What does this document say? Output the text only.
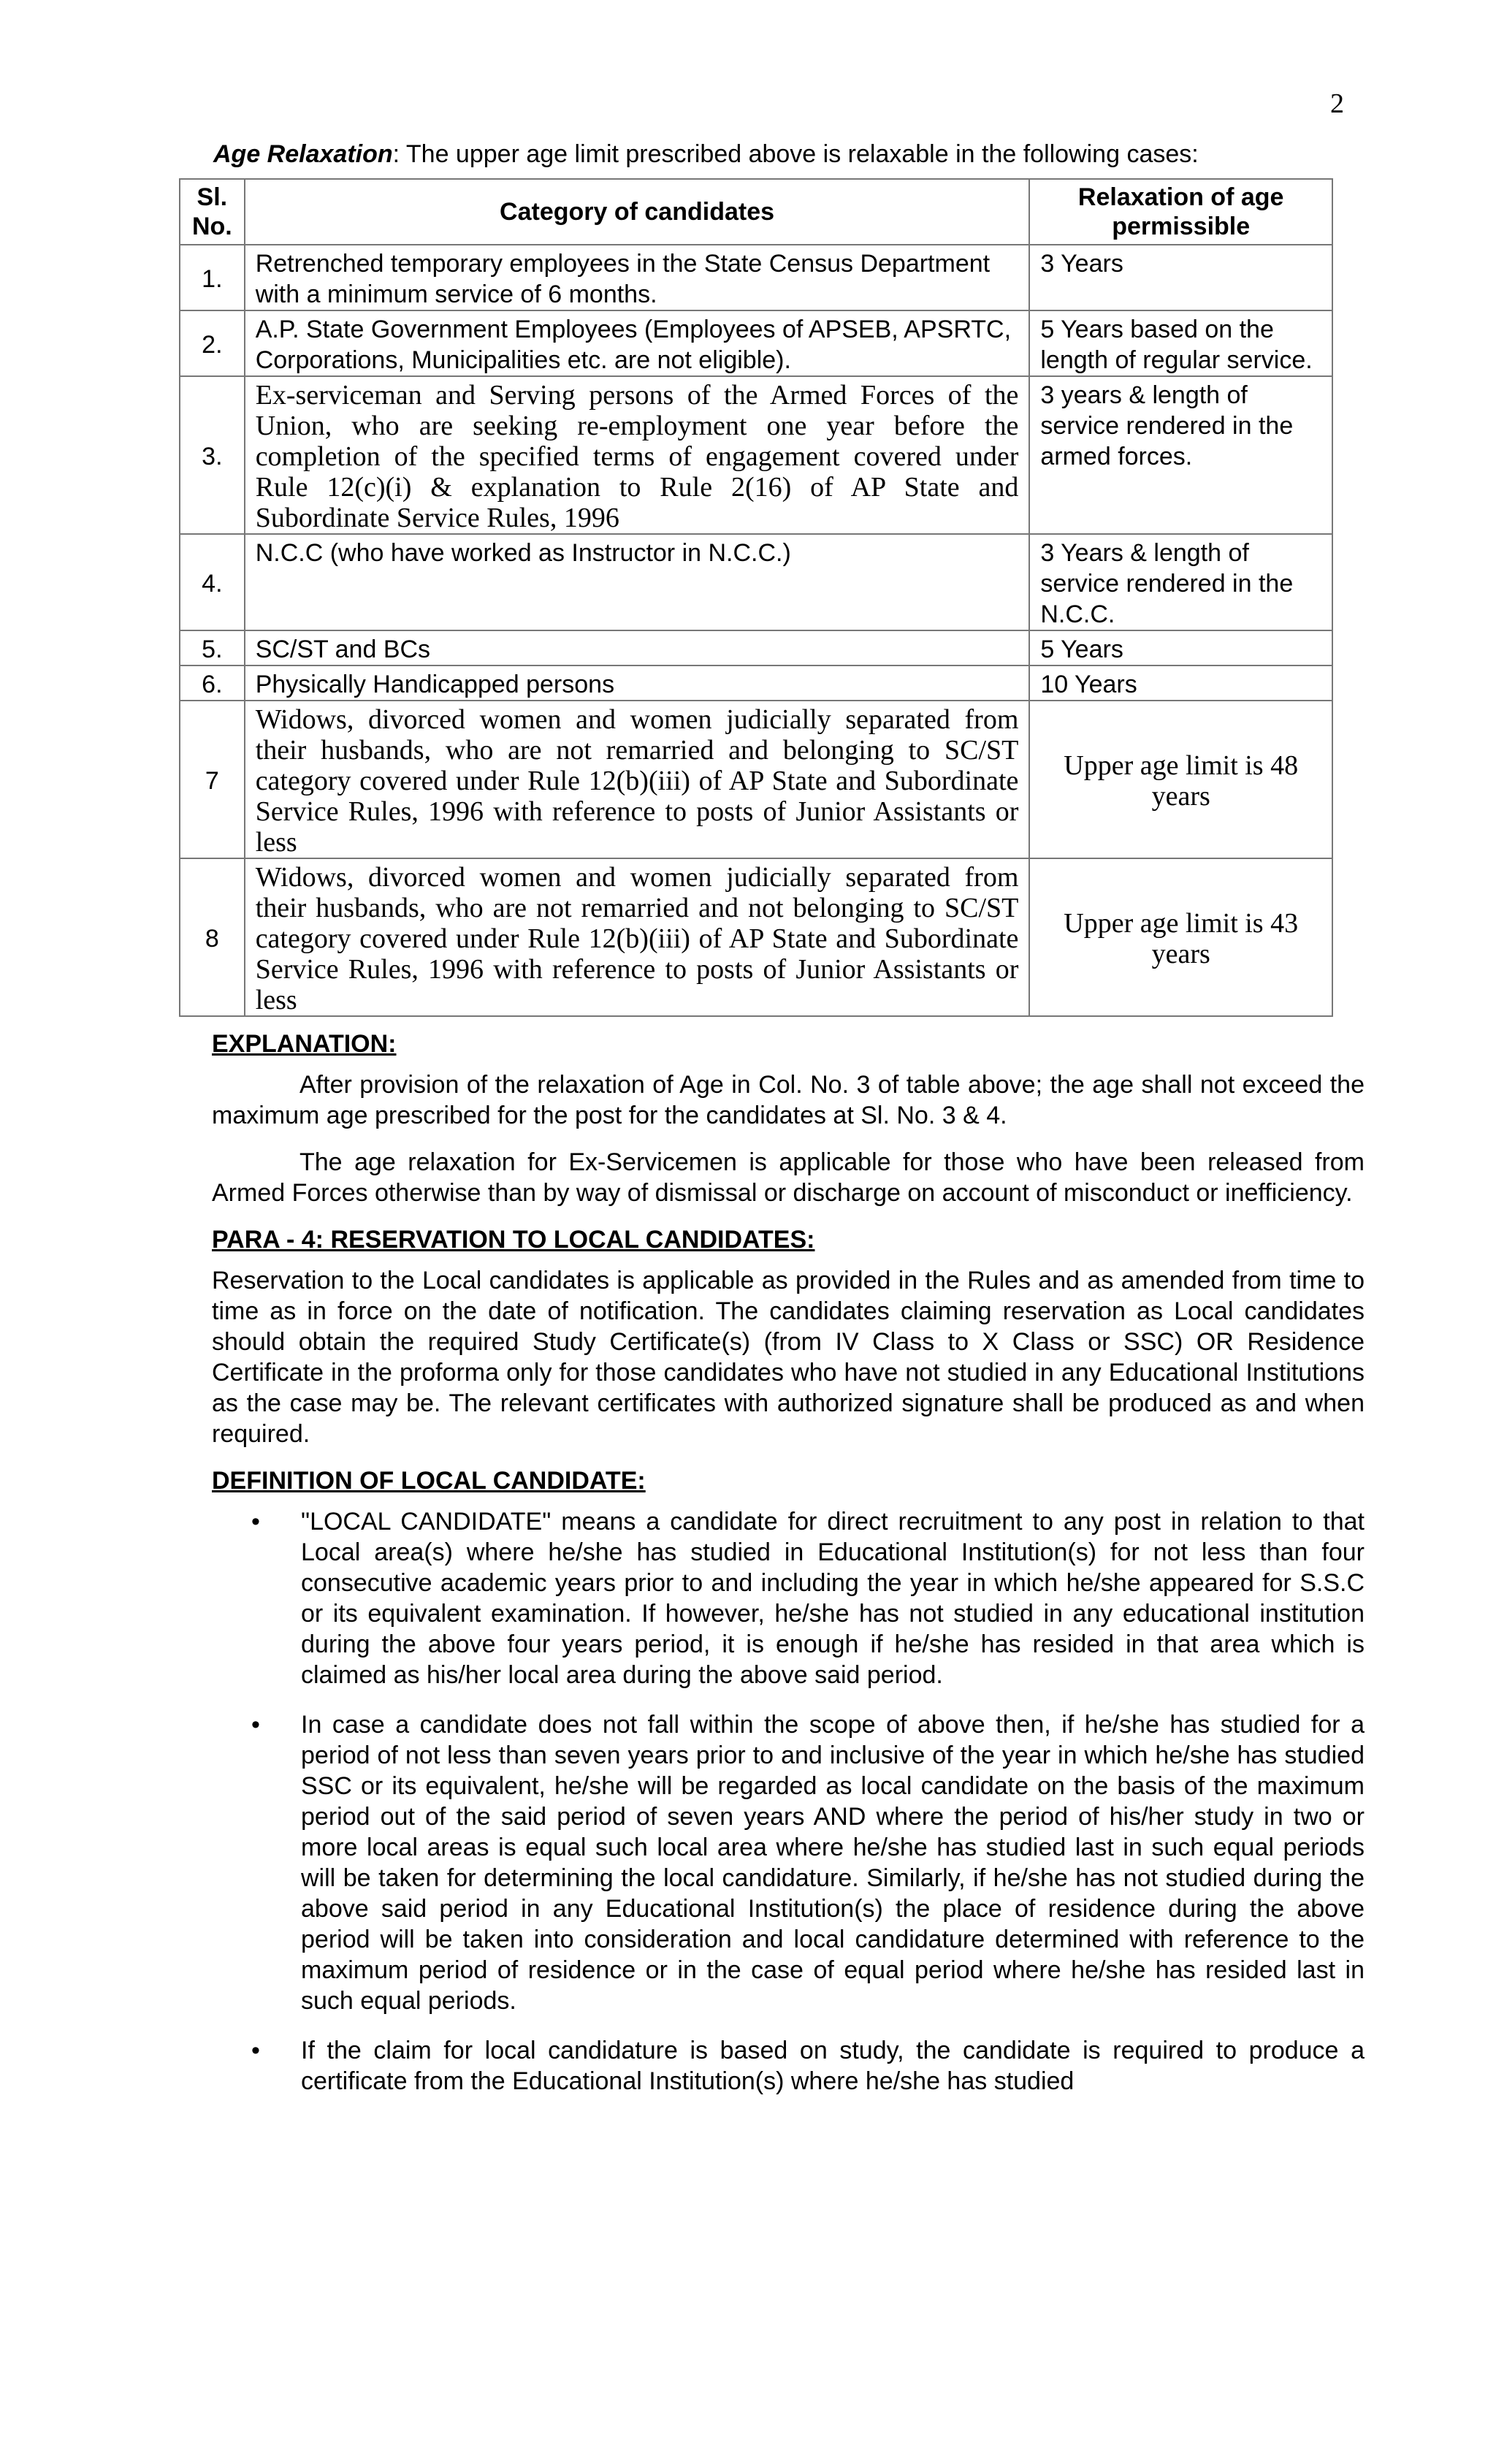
2
Age Relaxation: The upper age limit prescribed above is relaxable in the following cases:
Sl. No.	Category of candidates	Relaxation of age permissible
1.	Retrenched temporary employees in the State Census Department with a minimum service of 6 months.	3 Years
2.	A.P. State Government Employees (Employees of APSEB, APSRTC, Corporations, Municipalities etc. are not eligible).	5 Years based on the length of regular service.
3.	Ex-serviceman and Serving persons of the Armed Forces of the Union, who are seeking re-employment one year before the completion of the specified terms of engagement covered under Rule 12(c)(i) & explanation to Rule 2(16) of AP State and Subordinate Service Rules, 1996	3 years & length of service rendered in the armed forces.
4.	N.C.C (who have worked as Instructor in N.C.C.)	3 Years & length of service rendered in the N.C.C.
5.	SC/ST and BCs	5 Years
6.	Physically Handicapped persons	10 Years
7	Widows, divorced women and women judicially separated from their husbands, who are not remarried and belonging to SC/ST category covered under Rule 12(b)(iii) of AP State and Subordinate Service Rules, 1996 with reference to posts of Junior Assistants or less	Upper age limit is 48 years
8	Widows, divorced women and women judicially separated from their husbands, who are not remarried and not belonging to SC/ST category covered under Rule 12(b)(iii) of AP State and Subordinate Service Rules, 1996 with reference to posts of Junior Assistants or less	Upper age limit is 43 years
EXPLANATION:

After provision of the relaxation of Age in Col. No. 3 of table above; the age shall not exceed the maximum age prescribed for the post for the candidates at Sl. No. 3 & 4.

The age relaxation for Ex-Servicemen is applicable for those who have been released from Armed Forces otherwise than by way of dismissal or discharge on account of misconduct or inefficiency.

PARA - 4: RESERVATION TO LOCAL CANDIDATES:

Reservation to the Local candidates is applicable as provided in the Rules and as amended from time to time as in force on the date of notification. The candidates claiming reservation as Local candidates should obtain the required Study Certificate(s) (from IV Class to X Class or SSC) OR Residence Certificate in the proforma only for those candidates who have not studied in any Educational Institutions as the case may be. The relevant certificates with authorized signature shall be produced as and when required.

DEFINITION OF LOCAL CANDIDATE:
• "LOCAL CANDIDATE" means a candidate for direct recruitment to any post in relation to that Local area(s) where he/she has studied in Educational Institution(s) for not less than four consecutive academic years prior to and including the year in which he/she appeared for S.S.C or its equivalent examination. If however, he/she has not studied in any educational institution during the above four years period, it is enough if he/she has resided in that area which is claimed as his/her local area during the above said period.
• In case a candidate does not fall within the scope of above then, if he/she has studied for a period of not less than seven years prior to and inclusive of the year in which he/she has studied SSC or its equivalent, he/she will be regarded as local candidate on the basis of the maximum period out of the said period of seven years AND where the period of his/her study in two or more local areas is equal such local area where he/she has studied last in such equal periods will be taken for determining the local candidature. Similarly, if he/she has not studied during the above said period in any Educational Institution(s) the place of residence during the above period will be taken into consideration and local candidature determined with reference to the maximum period of residence or in the case of equal period where he/she has resided last in such equal periods.
• If the claim for local candidature is based on study, the candidate is required to produce a certificate from the Educational Institution(s) where he/she has studied
